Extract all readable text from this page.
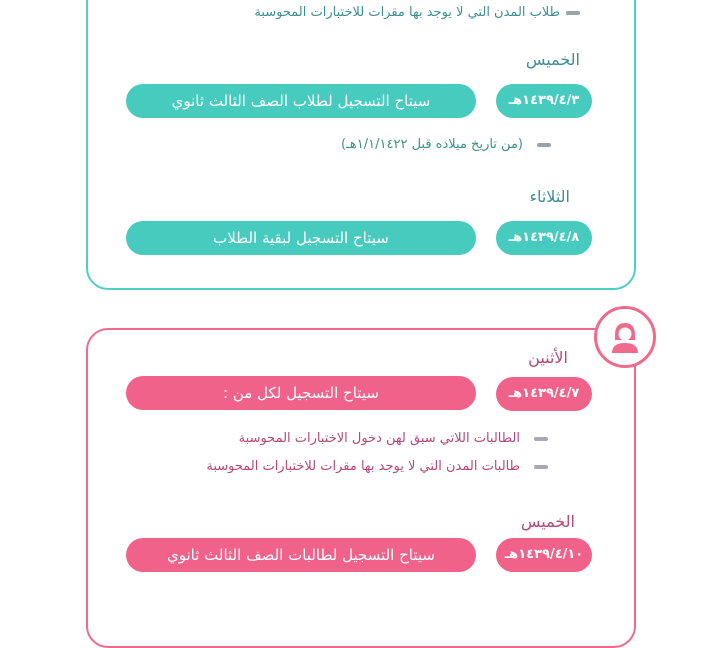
طلاب المدن التي لا يوجد بها مقرات للاختبارات المحوسبة
الخميس
١٤٣٩/٤/٣هـ
سيتاح التسجيل لطلاب الصف الثالث ثانوي
(من تاريخ ميلاده قبل ١/١/١٤٢٢هـ)
الثلاثاء
١٤٣٩/٤/٨هـ
سيتاح التسجيل لبقية الطلاب
الأثنين
١٤٣٩/٤/٧هـ
سيتاح التسجيل لكل من :
الطالبات اللاتي سبق لهن دخول الاختبارات المحوسبة
طالبات المدن التي لا يوجد بها مقرات للاختبارات المحوسبة
الخميس
١٤٣٩/٤/١٠هـ
سيتاح التسجيل لطالبات الصف الثالث ثانوي
